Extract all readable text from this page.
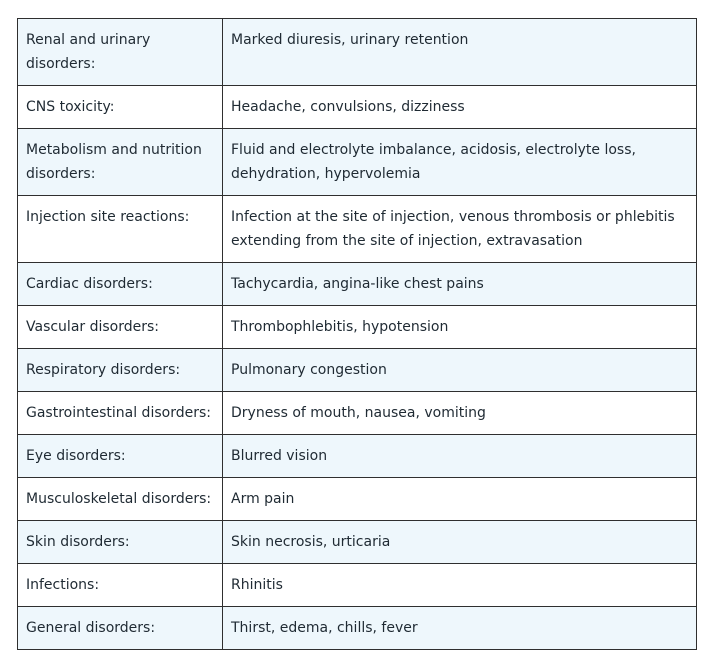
Renal and urinary disorders:	Marked diuresis, urinary retention
CNS toxicity:	Headache, convulsions, dizziness
Metabolism and nutrition disorders:	Fluid and electrolyte imbalance, acidosis, electrolyte loss, dehydration, hypervolemia
Injection site reactions:	Infection at the site of injection, venous thrombosis or phlebitis extending from the site of injection, extravasation
Cardiac disorders:	Tachycardia, angina-like chest pains
Vascular disorders:	Thrombophlebitis, hypotension
Respiratory disorders:	Pulmonary congestion
Gastrointestinal disorders:	Dryness of mouth, nausea, vomiting
Eye disorders:	Blurred vision
Musculoskeletal disorders:	Arm pain
Skin disorders:	Skin necrosis, urticaria
Infections:	Rhinitis
General disorders:	Thirst, edema, chills, fever
